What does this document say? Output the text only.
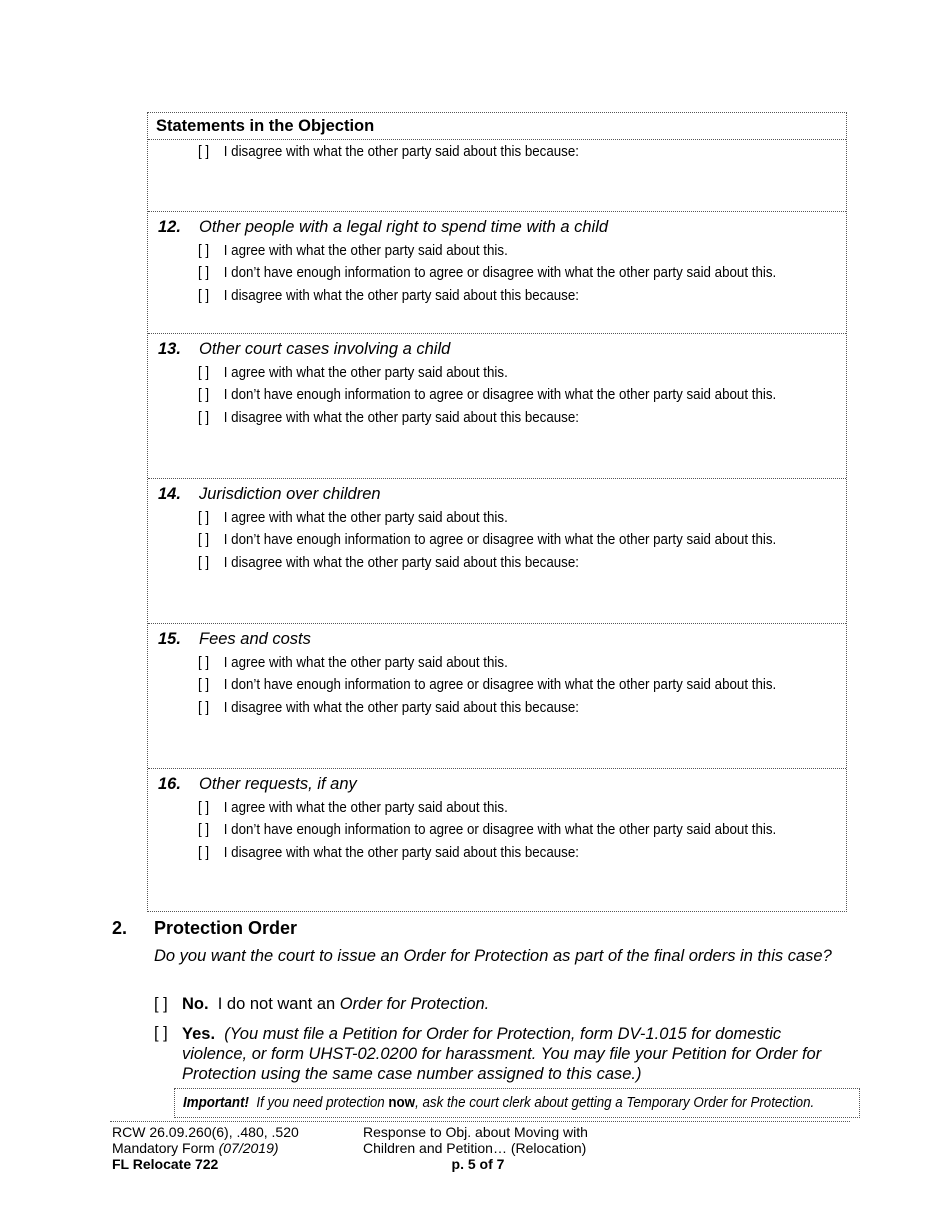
Statements in the Objection
[ ] I disagree with what the other party said about this because:
12. Other people with a legal right to spend time with a child
[ ] I agree with what the other party said about this.
[ ] I don’t have enough information to agree or disagree with what the other party said about this.
[ ] I disagree with what the other party said about this because:
13. Other court cases involving a child
[ ] I agree with what the other party said about this.
[ ] I don’t have enough information to agree or disagree with what the other party said about this.
[ ] I disagree with what the other party said about this because:
14. Jurisdiction over children
[ ] I agree with what the other party said about this.
[ ] I don’t have enough information to agree or disagree with what the other party said about this.
[ ] I disagree with what the other party said about this because:
15. Fees and costs
[ ] I agree with what the other party said about this.
[ ] I don’t have enough information to agree or disagree with what the other party said about this.
[ ] I disagree with what the other party said about this because:
16. Other requests, if any
[ ] I agree with what the other party said about this.
[ ] I don’t have enough information to agree or disagree with what the other party said about this.
[ ] I disagree with what the other party said about this because:
2. Protection Order
Do you want the court to issue an Order for Protection as part of the final orders in this case?
[ ] No. I do not want an Order for Protection.
[ ] Yes. (You must file a Petition for Order for Protection, form DV-1.015 for domestic violence, or form UHST-02.0200 for harassment. You may file your Petition for Order for Protection using the same case number assigned to this case.)
Important! If you need protection now, ask the court clerk about getting a Temporary Order for Protection.
RCW 26.09.260(6), .480, .520
Mandatory Form (07/2019)
FL Relocate 722
Response to Obj. about Moving with
Children and Petition… (Relocation)
p. 5 of 7
